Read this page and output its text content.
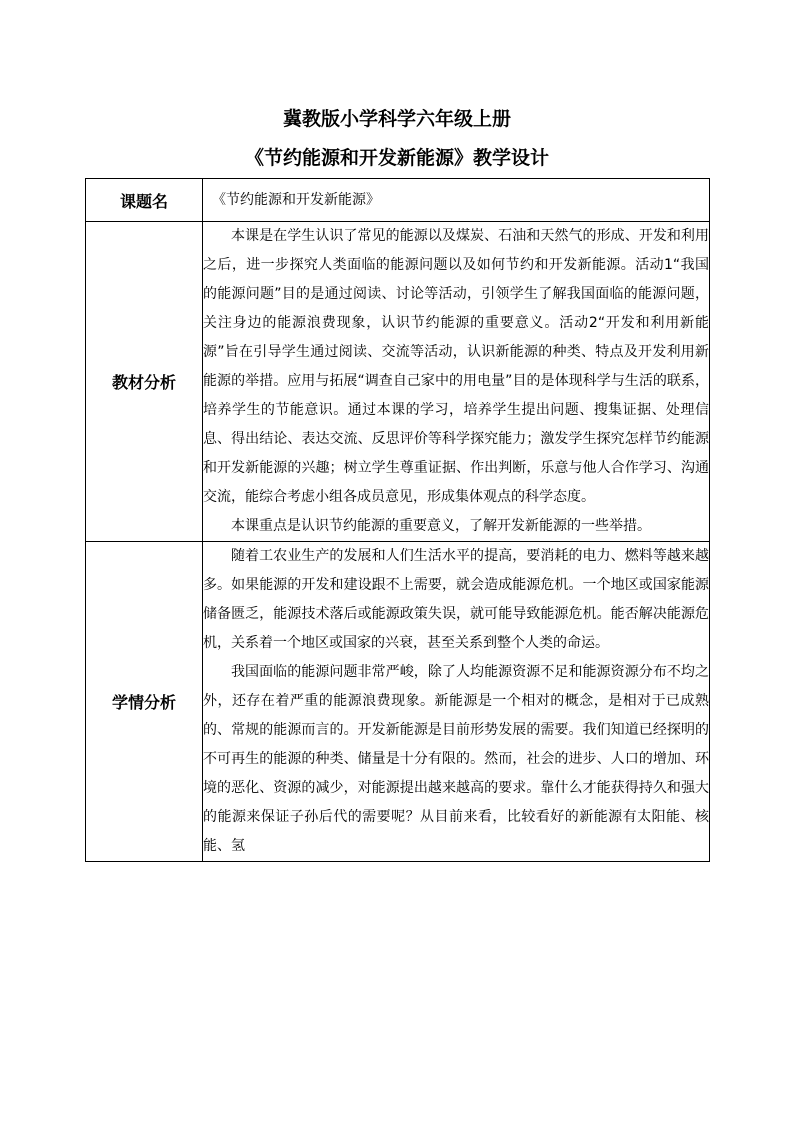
冀教版小学科学六年级上册
《节约能源和开发新能源》教学设计
课题名	《节约能源和开发新能源》
教材分析	本课是在学生认识了常见的能源以及煤炭、石油和天然气的形成、开发和利用之后，进一步探究人类面临的能源问题以及如何节约和开发新能源。活动1“我国的能源问题”目的是通过阅读、讨论等活动，引领学生了解我国面临的能源问题，关注身边的能源浪费现象，认识节约能源的重要意义。活动2“开发和利用新能源”旨在引导学生通过阅读、交流等活动，认识新能源的种类、特点及开发利用新能源的举措。应用与拓展“调查自己家中的用电量”目的是体现科学与生活的联系，培养学生的节能意识。通过本课的学习，培养学生提出问题、搜集证据、处理信息、得出结论、表达交流、反思评价等科学探究能力；激发学生探究怎样节约能源和开发新能源的兴趣；树立学生尊重证据、作出判断，乐意与他人合作学习、沟通交流，能综合考虑小组各成员意见，形成集体观点的科学态度。

本课重点是认识节约能源的重要意义，了解开发新能源的一些举措。

学情分析	随着工农业生产的发展和人们生活水平的提高，要消耗的电力、燃料等越来越多。如果能源的开发和建设跟不上需要，就会造成能源危机。一个地区或国家能源储备匮乏，能源技术落后或能源政策失误，就可能导致能源危机。能否解决能源危机，关系着一个地区或国家的兴衰，甚至关系到整个人类的命运。

我国面临的能源问题非常严峻，除了人均能源资源不足和能源资源分布不均之外，还存在着严重的能源浪费现象。新能源是一个相对的概念，是相对于已成熟的、常规的能源而言的。开发新能源是目前形势发展的需要。我们知道已经探明的不可再生的能源的种类、储量是十分有限的。然而，社会的进步、人口的增加、环境的恶化、资源的减少，对能源提出越来越高的要求。靠什么才能获得持久和强大的能源来保证子孙后代的需要呢？从目前来看，比较看好的新能源有太阳能、核能、氢
